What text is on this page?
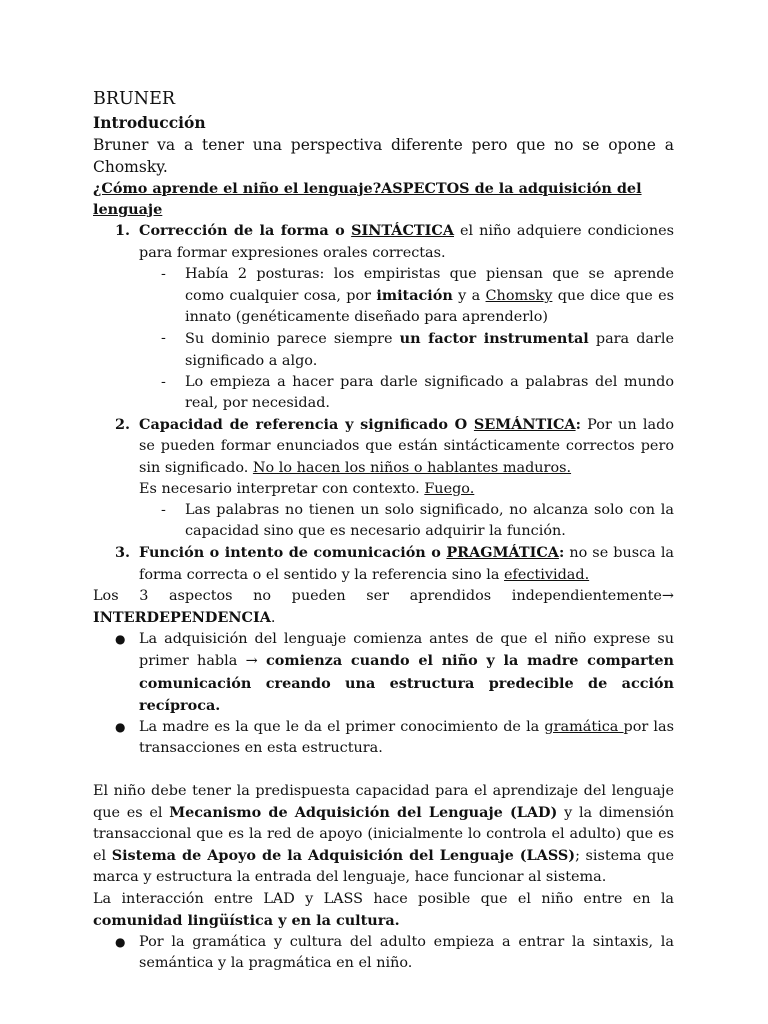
BRUNER

Introducción

Bruner va a tener una perspectiva diferente pero que no se opone a Chomsky.

¿Cómo aprende el niño el lenguaje?ASPECTOS de la adquisición del lenguaje

1. Corrección de la forma o SINTÁCTICA el niño adquiere condiciones para formar expresiones orales correctas.

- Había 2 posturas: los empiristas que piensan que se aprende como cualquier cosa, por imitación y a Chomsky que dice que es innato (genéticamente diseñado para aprenderlo)

- Su dominio parece siempre un factor instrumental para darle significado a algo.

- Lo empieza a hacer para darle significado a palabras del mundo real, por necesidad.

2. Capacidad de referencia y significado O SEMÁNTICA: Por un lado se pueden formar enunciados que están sintácticamente correctos pero sin significado. No lo hacen los niños o hablantes maduros.

Es necesario interpretar con contexto. Fuego.

- Las palabras no tienen un solo significado, no alcanza solo con la capacidad sino que es necesario adquirir la función.

3. Función o intento de comunicación o PRAGMÁTICA: no se busca la forma correcta o el sentido y la referencia sino la efectividad.

Los 3 aspectos no pueden ser aprendidos independientemente→ INTERDEPENDENCIA.

● La adquisición del lenguaje comienza antes de que el niño exprese su primer habla → comienza cuando el niño y la madre comparten comunicación creando una estructura predecible de acción recíproca.

● La madre es la que le da el primer conocimiento de la gramática por las transacciones en esta estructura.

El niño debe tener la predispuesta capacidad para el aprendizaje del lenguaje que es el Mecanismo de Adquisición del Lenguaje (LAD) y la dimensión transaccional que es la red de apoyo (inicialmente lo controla el adulto) que es el Sistema de Apoyo de la Adquisición del Lenguaje (LASS); sistema que marca y estructura la entrada del lenguaje, hace funcionar al sistema.

La interacción entre LAD y LASS hace posible que el niño entre en la comunidad lingüística y en la cultura.

● Por la gramática y cultura del adulto empieza a entrar la sintaxis, la semántica y la pragmática en el niño.
